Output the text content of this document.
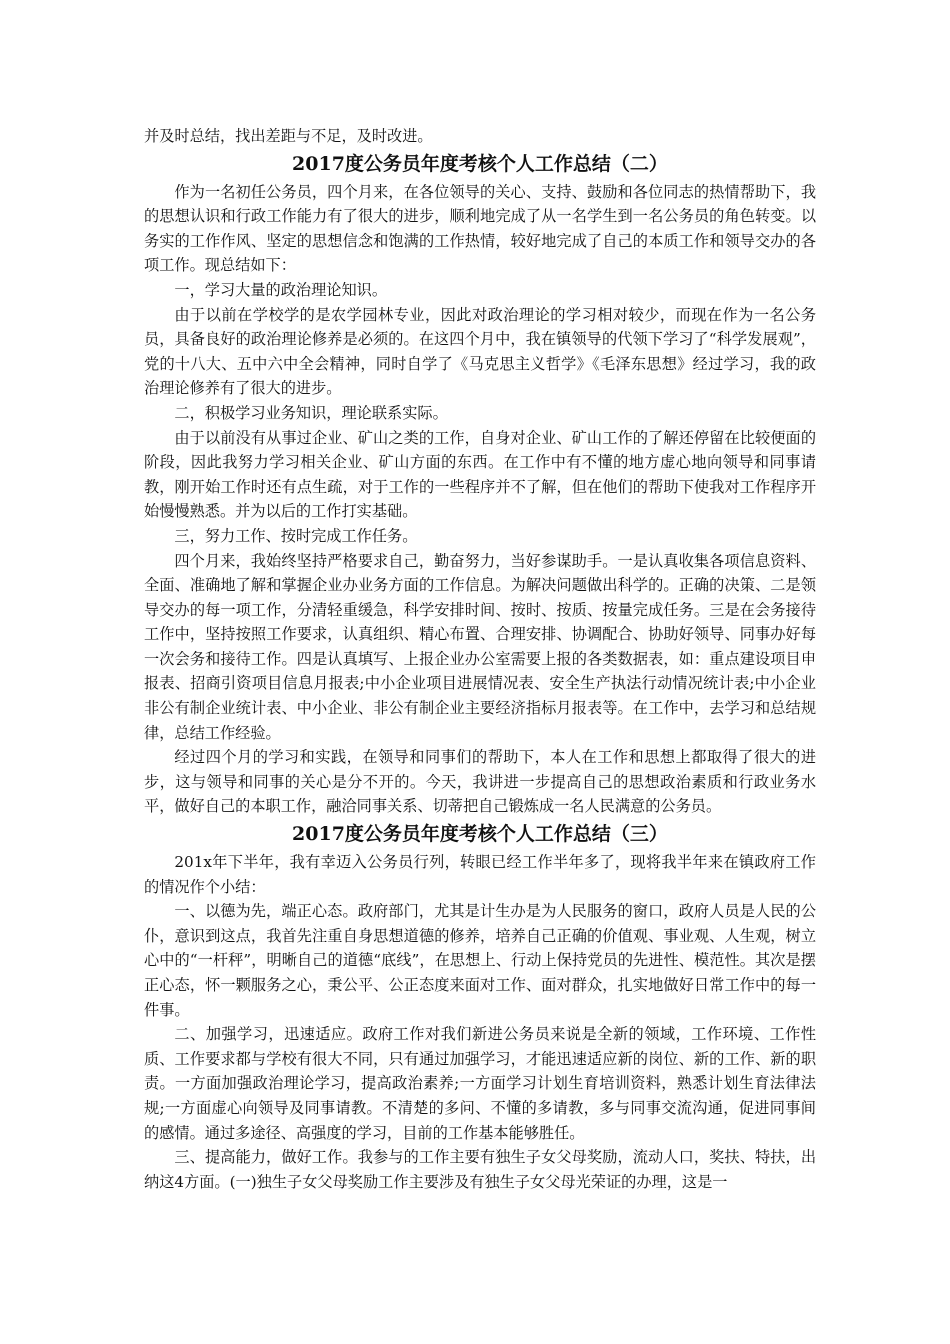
并及时总结，找出差距与不足，及时改进。

2017度公务员年度考核个人工作总结（二）

作为一名初任公务员，四个月来，在各位领导的关心、支持、鼓励和各位同志的热情帮助下，我的思想认识和行政工作能力有了很大的进步，顺利地完成了从一名学生到一名公务员的角色转变。以务实的工作作风、坚定的思想信念和饱满的工作热情，较好地完成了自己的本质工作和领导交办的各项工作。现总结如下：

一，学习大量的政治理论知识。

由于以前在学校学的是农学园林专业，因此对政治理论的学习相对较少，而现在作为一名公务员，具备良好的政治理论修养是必须的。在这四个月中，我在镇领导的代领下学习了“科学发展观”，党的十八大、五中六中全会精神，同时自学了《马克思主义哲学》《毛泽东思想》经过学习，我的政治理论修养有了很大的进步。

二，积极学习业务知识，理论联系实际。

由于以前没有从事过企业、矿山之类的工作，自身对企业、矿山工作的了解还停留在比较便面的阶段，因此我努力学习相关企业、矿山方面的东西。在工作中有不懂的地方虚心地向领导和同事请教，刚开始工作时还有点生疏，对于工作的一些程序并不了解，但在他们的帮助下使我对工作程序开始慢慢熟悉。并为以后的工作打实基础。

三，努力工作、按时完成工作任务。

四个月来，我始终坚持严格要求自己，勤奋努力，当好参谋助手。一是认真收集各项信息资料、全面、准确地了解和掌握企业办业务方面的工作信息。为解决问题做出科学的。正确的决策、二是领导交办的每一项工作，分清轻重缓急，科学安排时间、按时、按质、按量完成任务。三是在会务接待工作中，坚持按照工作要求，认真组织、精心布置、合理安排、协调配合、协助好领导、同事办好每一次会务和接待工作。四是认真填写、上报企业办公室需要上报的各类数据表，如：重点建设项目申报表、招商引资项目信息月报表;中小企业项目进展情况表、安全生产执法行动情况统计表;中小企业非公有制企业统计表、中小企业、非公有制企业主要经济指标月报表等。在工作中，去学习和总结规律，总结工作经验。

经过四个月的学习和实践，在领导和同事们的帮助下，本人在工作和思想上都取得了很大的进步，这与领导和同事的关心是分不开的。今天，我讲进一步提高自己的思想政治素质和行政业务水平，做好自己的本职工作，融洽同事关系、切蒂把自己锻炼成一名人民满意的公务员。

2017度公务员年度考核个人工作总结（三）

201x年下半年，我有幸迈入公务员行列，转眼已经工作半年多了，现将我半年来在镇政府工作的情况作个小结：

一、以德为先，端正心态。政府部门，尤其是计生办是为人民服务的窗口，政府人员是人民的公仆，意识到这点，我首先注重自身思想道德的修养，培养自己正确的价值观、事业观、人生观，树立心中的“一杆秤”，明晰自己的道德“底线”，在思想上、行动上保持党员的先进性、模范性。其次是摆正心态，怀一颗服务之心，秉公平、公正态度来面对工作、面对群众，扎实地做好日常工作中的每一件事。

二、加强学习，迅速适应。政府工作对我们新进公务员来说是全新的领域，工作环境、工作性质、工作要求都与学校有很大不同，只有通过加强学习，才能迅速适应新的岗位、新的工作、新的职责。一方面加强政治理论学习，提高政治素养;一方面学习计划生育培训资料，熟悉计划生育法律法规;一方面虚心向领导及同事请教。不清楚的多问、不懂的多请教，多与同事交流沟通，促进同事间的感情。通过多途径、高强度的学习，目前的工作基本能够胜任。

三、提高能力，做好工作。我参与的工作主要有独生子女父母奖励，流动人口，奖扶、特扶，出纳这4方面。(一)独生子女父母奖励工作主要涉及有独生子女父母光荣证的办理，这是一
